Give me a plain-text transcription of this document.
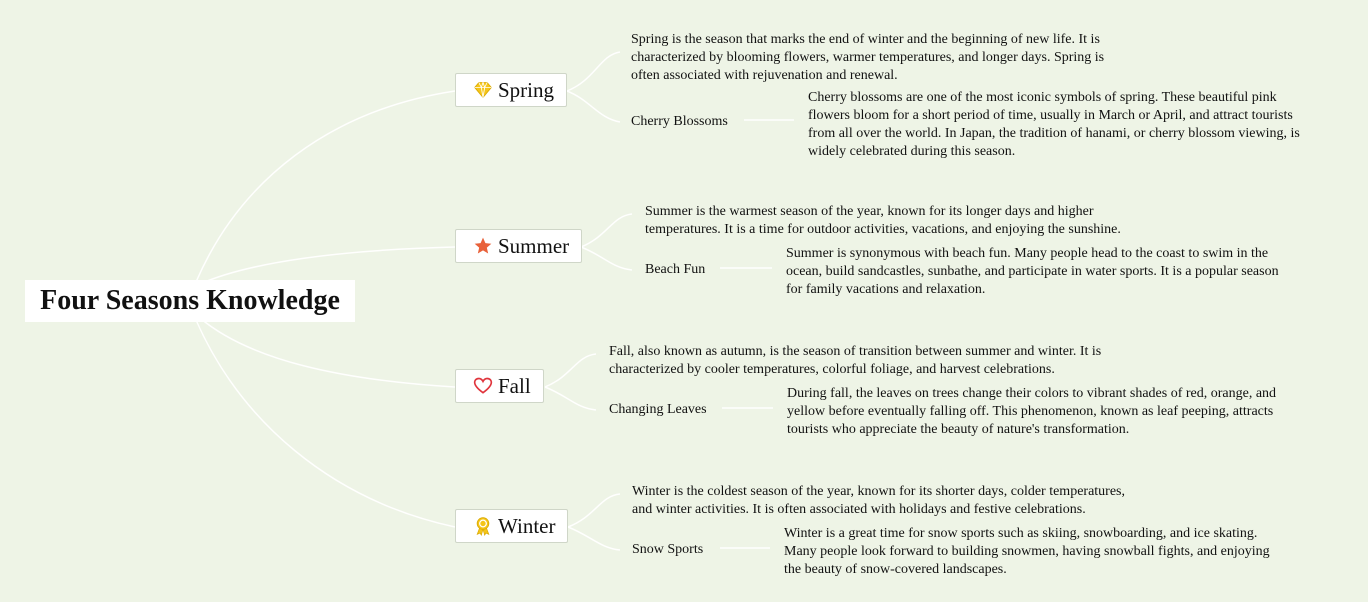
Four Seasons Knowledge
Spring
Spring is the season that marks the end of winter and the beginning of new life. It is characterized by blooming flowers, warmer temperatures, and longer days. Spring is often associated with rejuvenation and renewal.
Cherry Blossoms
Cherry blossoms are one of the most iconic symbols of spring. These beautiful pink flowers bloom for a short period of time, usually in March or April, and attract tourists from all over the world. In Japan, the tradition of hanami, or cherry blossom viewing, is widely celebrated during this season.
Summer
Summer is the warmest season of the year, known for its longer days and higher temperatures. It is a time for outdoor activities, vacations, and enjoying the sunshine.
Beach Fun
Summer is synonymous with beach fun. Many people head to the coast to swim in the ocean, build sandcastles, sunbathe, and participate in water sports. It is a popular season for family vacations and relaxation.
Fall
Fall, also known as autumn, is the season of transition between summer and winter. It is characterized by cooler temperatures, colorful foliage, and harvest celebrations.
Changing Leaves
During fall, the leaves on trees change their colors to vibrant shades of red, orange, and yellow before eventually falling off. This phenomenon, known as leaf peeping, attracts tourists who appreciate the beauty of nature's transformation.
Winter
Winter is the coldest season of the year, known for its shorter days, colder temperatures, and winter activities. It is often associated with holidays and festive celebrations.
Snow Sports
Winter is a great time for snow sports such as skiing, snowboarding, and ice skating. Many people look forward to building snowmen, having snowball fights, and enjoying the beauty of snow-covered landscapes.
